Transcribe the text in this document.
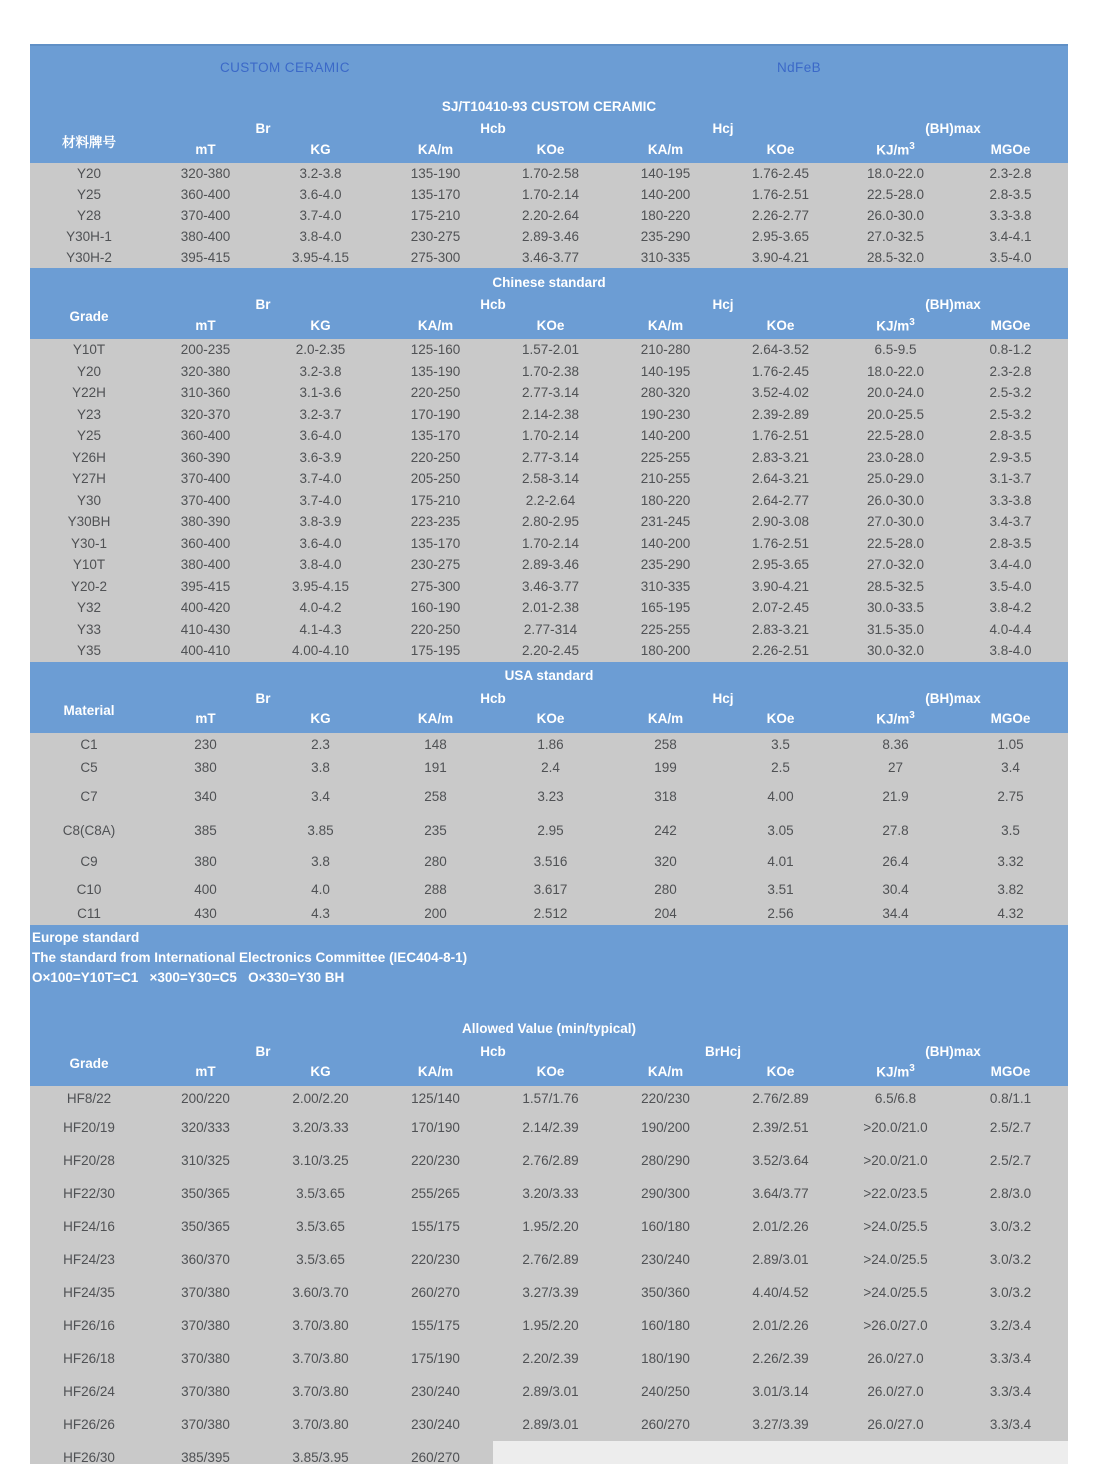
CUSTOM CERAMIC	NdFeB
SJ/T10410-93 CUSTOM CERAMIC								
材料牌号	Br		Hcb		Hcj		(BH)max	
	mT	KG	KA/m	KOe	KA/m	KOe	$KJ/m^3$	MGOe
Y20	320-380	3.2-3.8	135-190	1.70-2.58	140-195	1.76-2.45	18.0-22.0	2.3-2.8
Y25	360-400	3.6-4.0	135-170	1.70-2.14	140-200	1.76-2.51	22.5-28.0	2.8-3.5
Y28	370-400	3.7-4.0	175-210	2.20-2.64	180-220	2.26-2.77	26.0-30.0	3.3-3.8
Y30H-1	380-400	3.8-4.0	230-275	2.89-3.46	235-290	2.95-3.65	27.0-32.5	3.4-4.1
Y30H-2	395-415	3.95-4.15	275-300	3.46-3.77	310-335	3.90-4.21	28.5-32.0	3.5-4.0
Chinese standard								
Grade	Br		Hcb		Hcj		(BH)max	
	mT	KG	KA/m	KOe	KA/m	KOe	$KJ/m^3$	MGOe
Y10T	200-235	2.0-2.35	125-160	1.57-2.01	210-280	2.64-3.52	6.5-9.5	0.8-1.2
Y20	320-380	3.2-3.8	135-190	1.70-2.38	140-195	1.76-2.45	18.0-22.0	2.3-2.8
Y22H	310-360	3.1-3.6	220-250	2.77-3.14	280-320	3.52-4.02	20.0-24.0	2.5-3.2
Y23	320-370	3.2-3.7	170-190	2.14-2.38	190-230	2.39-2.89	20.0-25.5	2.5-3.2
Y25	360-400	3.6-4.0	135-170	1.70-2.14	140-200	1.76-2.51	22.5-28.0	2.8-3.5
Y26H	360-390	3.6-3.9	220-250	2.77-3.14	225-255	2.83-3.21	23.0-28.0	2.9-3.5
Y27H	370-400	3.7-4.0	205-250	2.58-3.14	210-255	2.64-3.21	25.0-29.0	3.1-3.7
Y30	370-400	3.7-4.0	175-210	2.2-2.64	180-220	2.64-2.77	26.0-30.0	3.3-3.8
Y30BH	380-390	3.8-3.9	223-235	2.80-2.95	231-245	2.90-3.08	27.0-30.0	3.4-3.7
Y30-1	360-400	3.6-4.0	135-170	1.70-2.14	140-200	1.76-2.51	22.5-28.0	2.8-3.5
Y10T	380-400	3.8-4.0	230-275	2.89-3.46	235-290	2.95-3.65	27.0-32.0	3.4-4.0
Y20-2	395-415	3.95-4.15	275-300	3.46-3.77	310-335	3.90-4.21	28.5-32.5	3.5-4.0
Y32	400-420	4.0-4.2	160-190	2.01-2.38	165-195	2.07-2.45	30.0-33.5	3.8-4.2
Y33	410-430	4.1-4.3	220-250	2.77-314	225-255	2.83-3.21	31.5-35.0	4.0-4.4
Y35	400-410	4.00-4.10	175-195	2.20-2.45	180-200	2.26-2.51	30.0-32.0	3.8-4.0
USA standard								
Material	Br		Hcb		Hcj		(BH)max	
	mT	KG	KA/m	KOe	KA/m	KOe	$KJ/m^3$	MGOe
C1	230	2.3	148	1.86	258	3.5	8.36	1.05
C5	380	3.8	191	2.4	199	2.5	27	3.4
C7	340	3.4	258	3.23	318	4.00	21.9	2.75
C8(C8A)	385	3.85	235	2.95	242	3.05	27.8	3.5
C9	380	3.8	280	3.516	320	4.01	26.4	3.32
C10	400	4.0	288	3.617	280	3.51	30.4	3.82
C11	430	4.3	200	2.512	204	2.56	34.4	4.32
Europe standard
The standard from International Electronics Committee (IEC404-8-1)
O×100=Y10T=C1   ×300=Y30=C5   O×330=Y30 BH
Allowed Value (min/typical)								
Grade	Br		Hcb		BrHcj		(BH)max	
	mT	KG	KA/m	KOe	KA/m	KOe	$KJ/m^3$	MGOe
HF8/22	200/220	2.00/2.20	125/140	1.57/1.76	220/230	2.76/2.89	6.5/6.8	0.8/1.1
HF20/19	320/333	3.20/3.33	170/190	2.14/2.39	190/200	2.39/2.51	>20.0/21.0	2.5/2.7
HF20/28	310/325	3.10/3.25	220/230	2.76/2.89	280/290	3.52/3.64	>20.0/21.0	2.5/2.7
HF22/30	350/365	3.5/3.65	255/265	3.20/3.33	290/300	3.64/3.77	>22.0/23.5	2.8/3.0
HF24/16	350/365	3.5/3.65	155/175	1.95/2.20	160/180	2.01/2.26	>24.0/25.5	3.0/3.2
HF24/23	360/370	3.5/3.65	220/230	2.76/2.89	230/240	2.89/3.01	>24.0/25.5	3.0/3.2
HF24/35	370/380	3.60/3.70	260/270	3.27/3.39	350/360	4.40/4.52	>24.0/25.5	3.0/3.2
HF26/16	370/380	3.70/3.80	155/175	1.95/2.20	160/180	2.01/2.26	>26.0/27.0	3.2/3.4
HF26/18	370/380	3.70/3.80	175/190	2.20/2.39	180/190	2.26/2.39	26.0/27.0	3.3/3.4
HF26/24	370/380	3.70/3.80	230/240	2.89/3.01	240/250	3.01/3.14	26.0/27.0	3.3/3.4
HF26/26	370/380	3.70/3.80	230/240	2.89/3.01	260/270	3.27/3.39	26.0/27.0	3.3/3.4
HF26/30	385/395	3.85/3.95	260/270					
